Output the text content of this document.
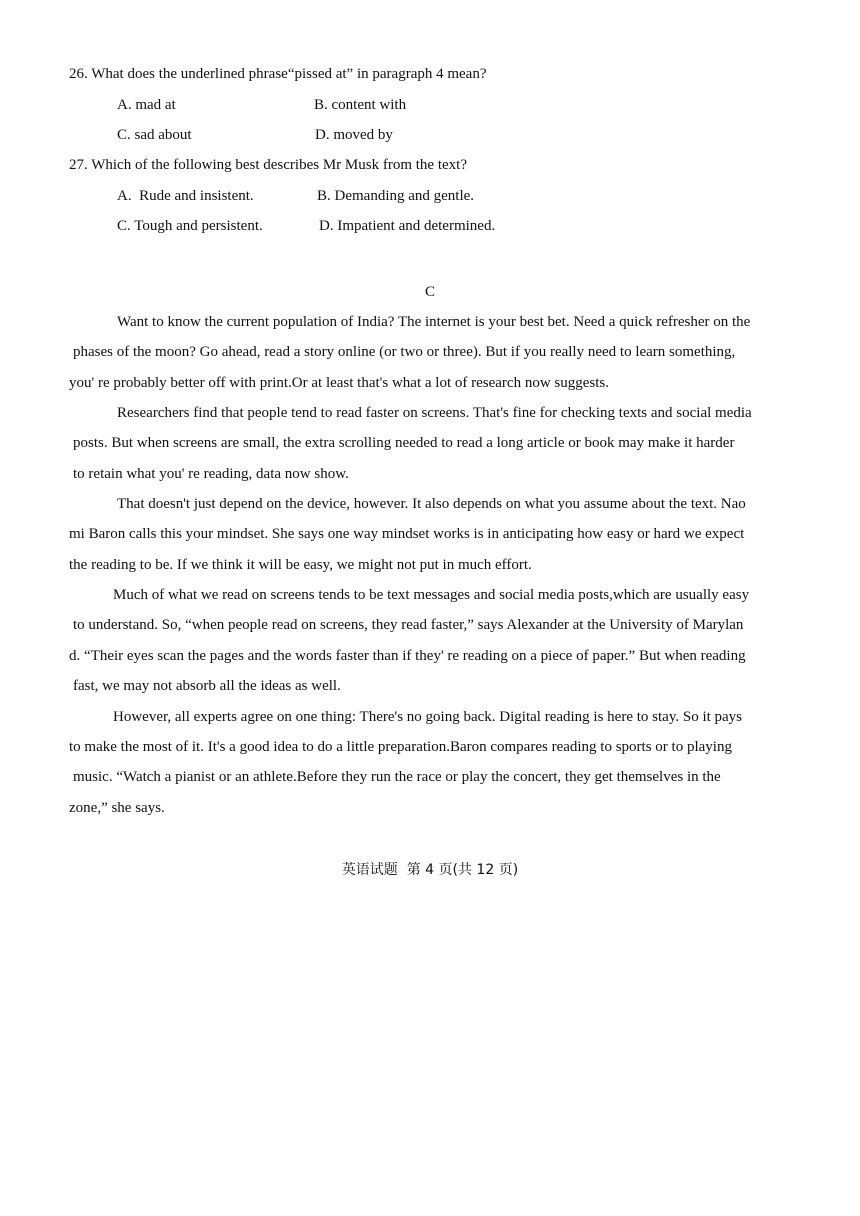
26. What does the underlined phrase“pissed at” in paragraph 4 mean?
A. mad at	B. content with
C. sad about	D. moved by
27. Which of the following best describes Mr Musk from the text?
A.  Rude and insistent.	B. Demanding and gentle.
C. Tough and persistent.	D. Impatient and determined.
C
Want to know the current population of India? The internet is your best bet. Need a quick refresher on the
phases of the moon? Go ahead, read a story online (or two or three). But if you really need to learn something,
you' re probably better off with print.Or at least that's what a lot of research now suggests.
Researchers find that people tend to read faster on screens. That's fine for checking texts and social media
posts. But when screens are small, the extra scrolling needed to read a long article or book may make it harder
to retain what you' re reading, data now show.
That doesn't just depend on the device, however. It also depends on what you assume about the text. Nao
mi Baron calls this your mindset. She says one way mindset works is in anticipating how easy or hard we expect
the reading to be. If we think it will be easy, we might not put in much effort.
Much of what we read on screens tends to be text messages and social media posts,which are usually easy
to understand. So, “when people read on screens, they read faster,” says Alexander at the University of Marylan
d. “Their eyes scan the pages and the words faster than if they' re reading on a piece of paper.” But when reading
fast, we may not absorb all the ideas as well.
However, all experts agree on one thing: There's no going back. Digital reading is here to stay. So it pays
to make the most of it. It's a good idea to do a little preparation.Baron compares reading to sports or to playing
music. “Watch a pianist or an athlete.Before they run the race or play the concert, they get themselves in the
zone,” she says.
英语试题  第 4 页(共 12 页)
